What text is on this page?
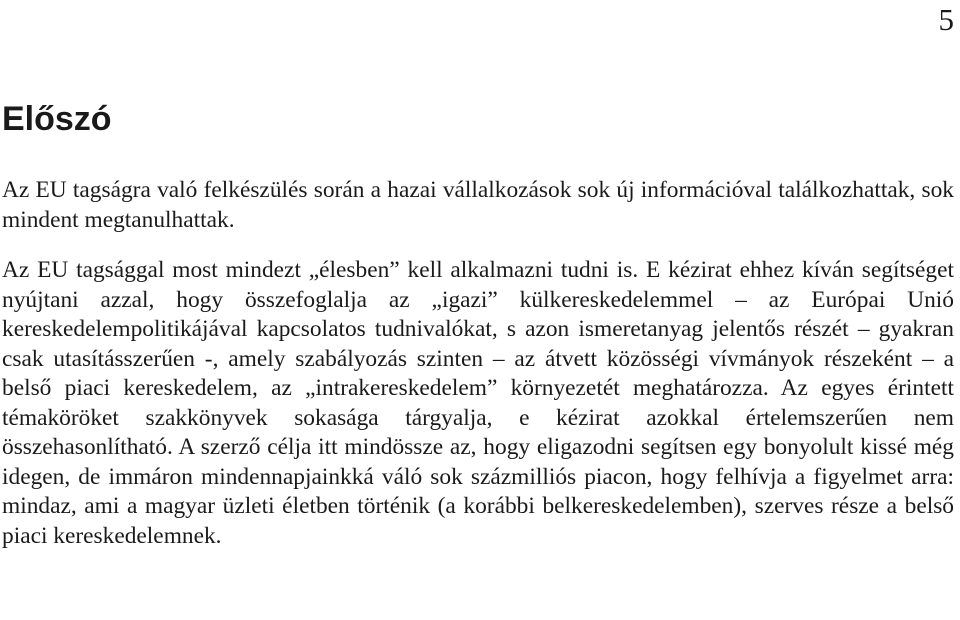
5
Előszó

Az EU tagságra való felkészülés során a hazai vállalkozások sok új információval találkozhattak, sok mindent megtanulhattak.

Az EU tagsággal most mindezt „élesben” kell alkalmazni tudni is. E kézirat ehhez kíván segítséget nyújtani azzal, hogy összefoglalja az „igazi” külkereskedelemmel – az Európai Unió kereskedelempolitikájával kapcsolatos tudnivalókat, s azon ismeretanyag jelentős részét – gyakran csak utasításszerűen -, amely szabályozás szinten – az átvett közösségi vívmányok részeként – a belső piaci kereskedelem, az „intrakereskedelem” környezetét meghatározza. Az egyes érintett témaköröket szakkönyvek sokasága tárgyalja, e kézirat azokkal értelemszerűen nem összehasonlítható. A szerző célja itt mindössze az, hogy eligazodni segítsen egy bonyolult kissé még idegen, de immáron mindennapjainkká váló sok százmilliós piacon, hogy felhívja a figyelmet arra: mindaz, ami a magyar üzleti életben történik (a korábbi belkereskedelemben), szerves része a belső piaci kereskedelemnek.
